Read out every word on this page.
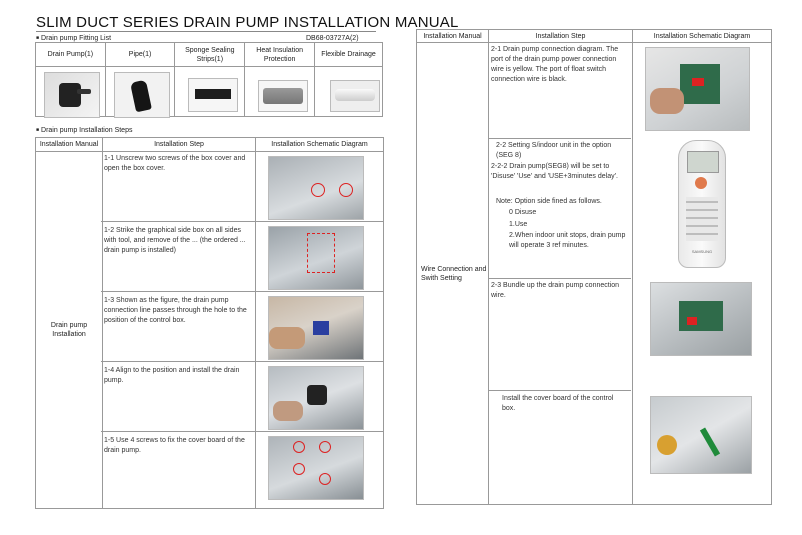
SLIM DUCT SERIES DRAIN PUMP INSTALLATION MANUAL
■ Drain pump Fitting List	DB68-03727A(2)
Drain Pump(1)	Pipe(1)	Sponge Sealing Strips(1)	Heat Insulation Protection	Flexible Drainage

■ Drain pump Installation Steps
Installation Manual	Installation Step	Installation Schematic Diagram
Drain pump Installation		
1-1 Unscrew two screws of the box cover and open the box cover.
1-2 Strike the graphical side box on all sides with tool, and remove of the ... (the ordered ... drain pump is installed)
1-3 Shown as the figure, the drain pump connection line passes through the hole to the position of the control box.
1-4 Align to the position and install the drain pump.
1-5 Use 4 screws to fix the cover board of the drain pump.
Installation Manual	Installation Step	Installation Schematic Diagram
Wire Connection and Swith Setting		
2-1 Drain pump connection diagram. The port of the drain pump power connection wire is yellow. The port of float switch connection wire is black.
2-2 Setting S/indoor unit in the option (SEG 8)
2-2-2 Drain pump(SEG8) will be set to 'Disuse' 'Use' and 'USE+3minutes delay'.
Note: Option side fined as follows.
0 Disuse
1.Use
2.When indoor unit stops, drain pump will operate 3 ref minutes.
2-3 Bundle up the drain pump connection wire.
Install the cover board of the control box.
SAMSUNG
